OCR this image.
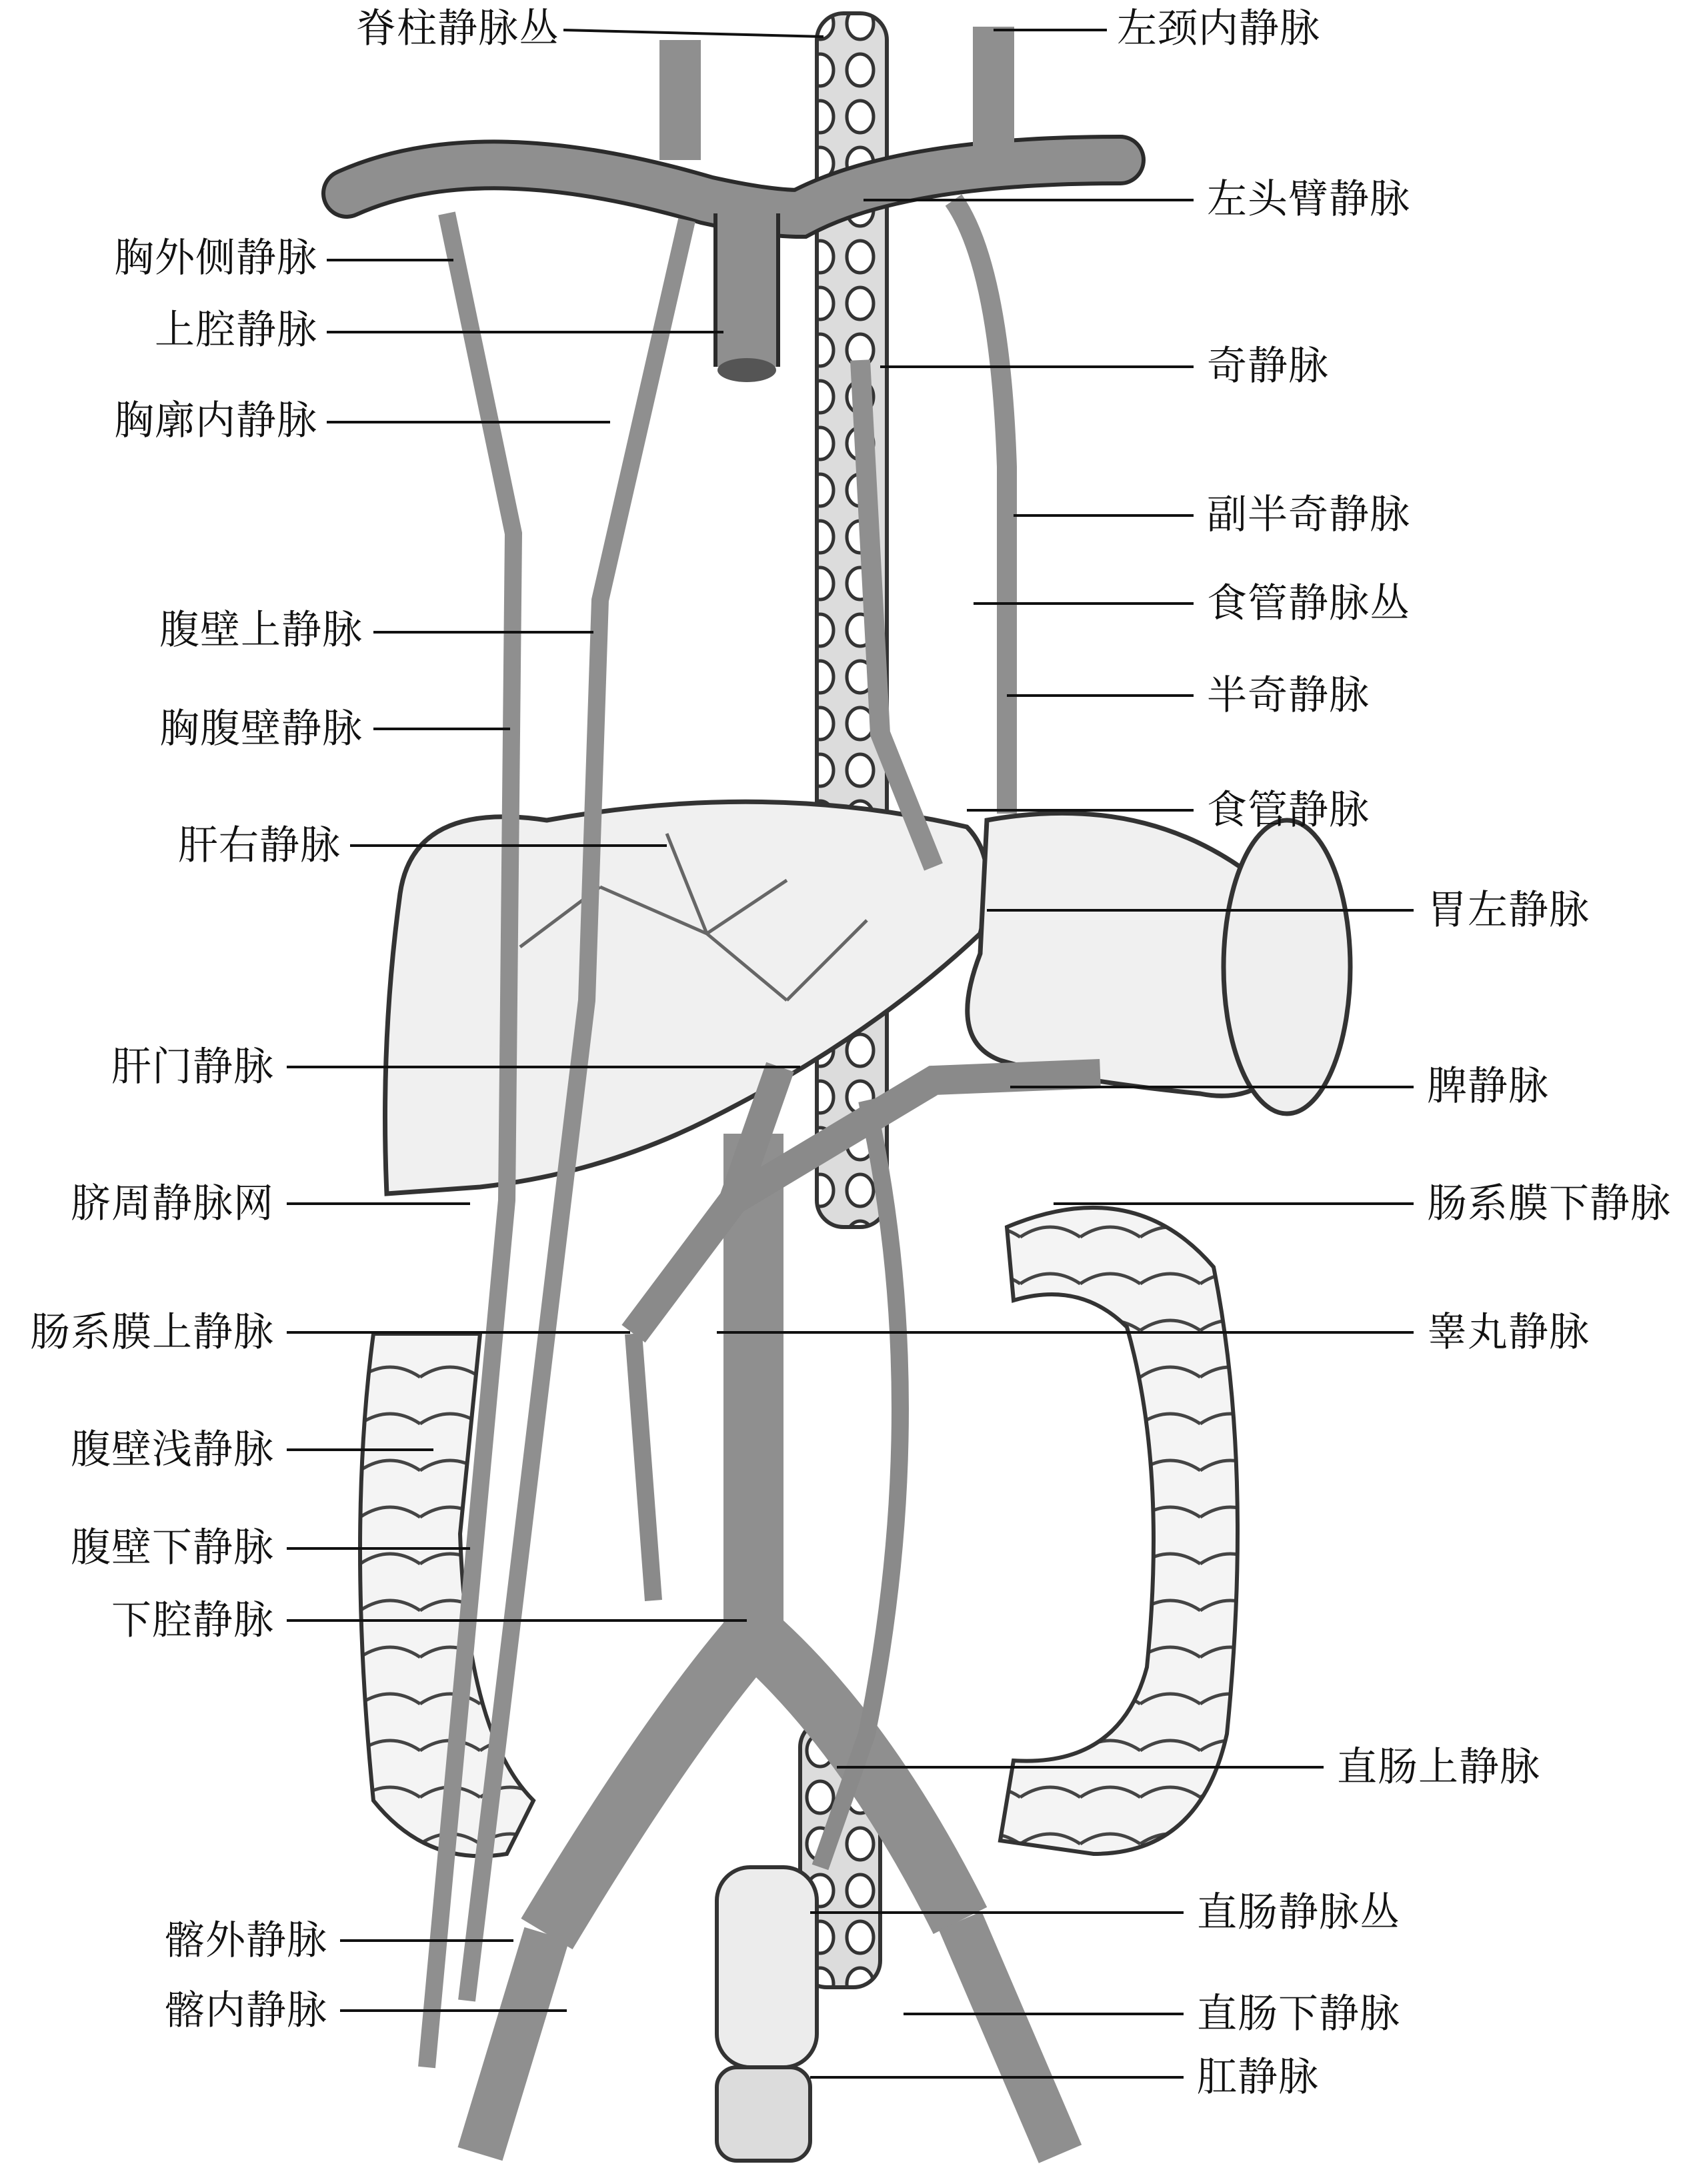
脊柱静脉丛
胸外侧静脉
上腔静脉
胸廓内静脉
腹壁上静脉
胸腹壁静脉
肝右静脉
肝门静脉
脐周静脉网
肠系膜上静脉
腹壁浅静脉
腹壁下静脉
下腔静脉
髂外静脉
髂内静脉
左颈内静脉
左头臂静脉
奇静脉
副半奇静脉
食管静脉丛
半奇静脉
食管静脉
胃左静脉
脾静脉
肠系膜下静脉
睾丸静脉
直肠上静脉
直肠静脉丛
直肠下静脉
肛静脉
